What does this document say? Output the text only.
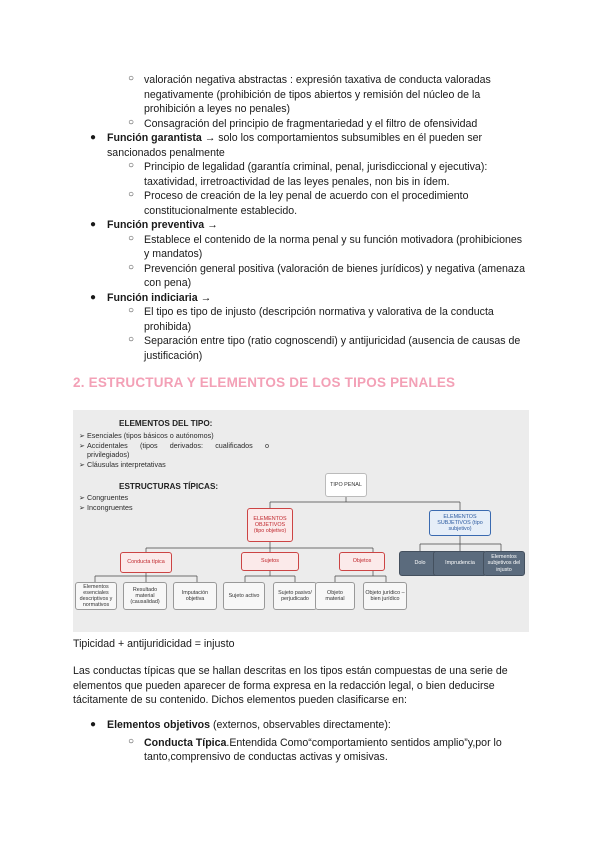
○ valoración negativa abstractas : expresión taxativa de conducta valoradas negativamente (prohibición de tipos abiertos y remisión del núcleo de la prohibición a leyes no penales)
○ Consagración del principio de fragmentariedad y el filtro de ofensividad
● Función garantista → solo los comportamientos subsumibles en él pueden ser sancionados penalmente
○ Principio de legalidad (garantía criminal, penal, jurisdiccional y ejecutiva): taxatividad, irretroactividad de las leyes penales, non bis in ídem.
○ Proceso de creación de la ley penal de acuerdo con el procedimiento constitucionalmente establecido.
● Función preventiva →
○ Establece el contenido de la norma penal y su función motivadora (prohibiciones y mandatos)
○ Prevención general positiva (valoración de bienes jurídicos) y negativa (amenaza con pena)
● Función indiciaria →
○ El tipo es tipo de injusto (descripción normativa y valorativa de la conducta prohibida)
○ Separación entre tipo (ratio cognoscendi) y antijuricidad (ausencia de causas de justificación)
2. ESTRUCTURA Y ELEMENTOS DE LOS TIPOS PENALES
ELEMENTOS DEL TIPO:
➢ Esenciales (tipos básicos o autónomos)
➢ Accidentales (tipos derivados: cualificados o privilegiados)
➢ Cláusulas interpretativas
ESTRUCTURAS TÍPICAS:
➢ Congruentes
➢ Incongruentes
TIPO PENAL
ELEMENTOS OBJETIVOS (tipo objetivo)
ELEMENTOS SUBJETIVOS (tipo subjetivo)
Conducta típica	Sujetos	Objetos	Dolo	Imprudencia
Elementos subjetivos del injusto
Elementos esenciales descriptivos y normativos
Resultado material (causalidad)
Imputación objetiva
Sujeto activo
Sujeto pasivo/ perjudicado
Objeto material
Objeto jurídico – bien jurídico
Tipicidad + antijuridicidad = injusto
Las conductas típicas que se hallan descritas en los tipos están compuestas de una serie de elementos que pueden aparecer de forma expresa en la redacción legal, o bien deducirse tácitamente de su contenido. Dichos elementos pueden clasificarse en:
● Elementos objetivos (externos, observables directamente):
○ Conducta Típica.Entendida Como“comportamiento sentidos amplio”y,por lo tanto,comprensivo de conductas activas y omisivas.
